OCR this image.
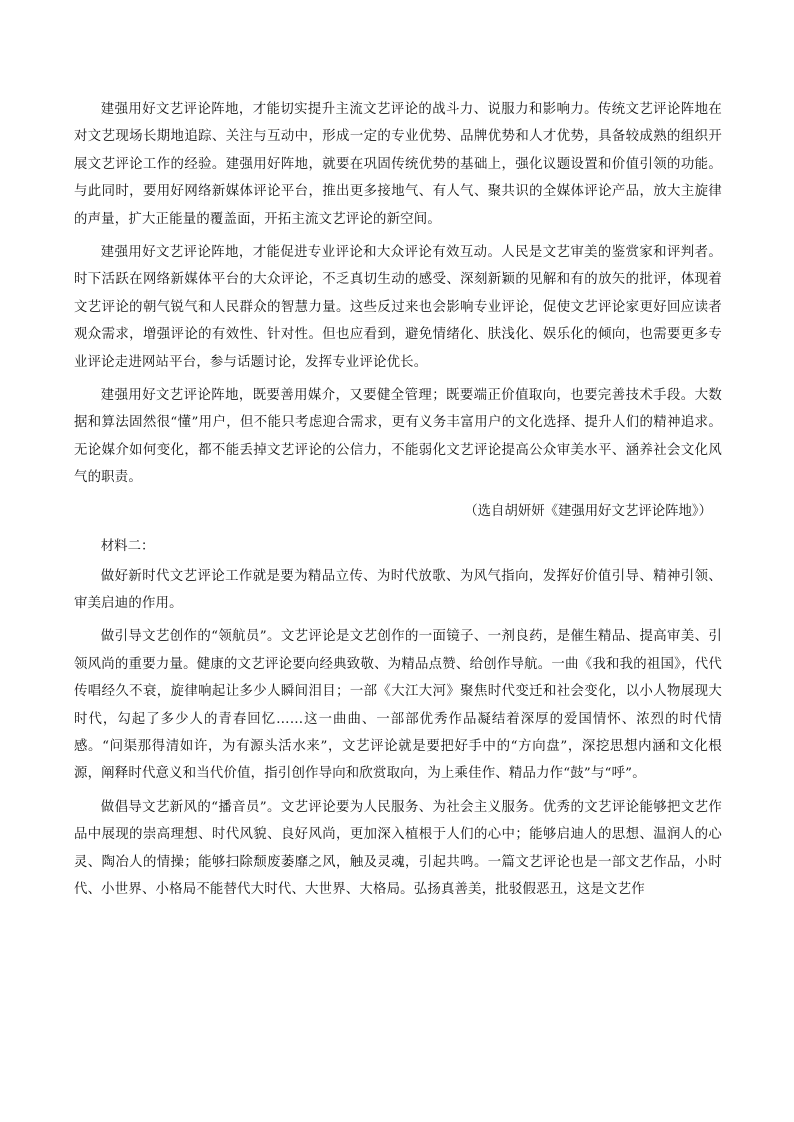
建强用好文艺评论阵地，才能切实提升主流文艺评论的战斗力、说服力和影响力。传统文艺评论阵地在对文艺现场长期地追踪、关注与互动中，形成一定的专业优势、品牌优势和人才优势，具备较成熟的组织开展文艺评论工作的经验。建强用好阵地，就要在巩固传统优势的基础上，强化议题设置和价值引领的功能。与此同时，要用好网络新媒体评论平台，推出更多接地气、有人气、聚共识的全媒体评论产品，放大主旋律的声量，扩大正能量的覆盖面，开拓主流文艺评论的新空间。

建强用好文艺评论阵地，才能促进专业评论和大众评论有效互动。人民是文艺审美的鉴赏家和评判者。时下活跃在网络新媒体平台的大众评论，不乏真切生动的感受、深刻新颖的见解和有的放矢的批评，体现着文艺评论的朝气锐气和人民群众的智慧力量。这些反过来也会影响专业评论，促使文艺评论家更好回应读者观众需求，增强评论的有效性、针对性。但也应看到，避免情绪化、肤浅化、娱乐化的倾向，也需要更多专业评论走进网站平台，参与话题讨论，发挥专业评论优长。

建强用好文艺评论阵地，既要善用媒介，又要健全管理；既要端正价值取向，也要完善技术手段。大数据和算法固然很“懂”用户，但不能只考虑迎合需求，更有义务丰富用户的文化选择、提升人们的精神追求。无论媒介如何变化，都不能丢掉文艺评论的公信力，不能弱化文艺评论提高公众审美水平、涵养社会文化风气的职责。

（选自胡妍妍《建强用好文艺评论阵地》）

材料二：

做好新时代文艺评论工作就是要为精品立传、为时代放歌、为风气指向，发挥好价值引导、精神引领、审美启迪的作用。

做引导文艺创作的“领航员”。文艺评论是文艺创作的一面镜子、一剂良药，是催生精品、提高审美、引领风尚的重要力量。健康的文艺评论要向经典致敬、为精品点赞、给创作导航。一曲《我和我的祖国》，代代传唱经久不衰，旋律响起让多少人瞬间泪目；一部《大江大河》聚焦时代变迁和社会变化，以小人物展现大时代，勾起了多少人的青春回忆……这一曲曲、一部部优秀作品凝结着深厚的爱国情怀、浓烈的时代情感。“问渠那得清如许，为有源头活水来”，文艺评论就是要把好手中的“方向盘”，深挖思想内涵和文化根源，阐释时代意义和当代价值，指引创作导向和欣赏取向，为上乘佳作、精品力作“鼓”与“呼”。

做倡导文艺新风的“播音员”。文艺评论要为人民服务、为社会主义服务。优秀的文艺评论能够把文艺作品中展现的崇高理想、时代风貌、良好风尚，更加深入植根于人们的心中；能够启迪人的思想、温润人的心灵、陶冶人的情操；能够扫除颓废萎靡之风，触及灵魂，引起共鸣。一篇文艺评论也是一部文艺作品，小时代、小世界、小格局不能替代大时代、大世界、大格局。弘扬真善美，批驳假恶丑，这是文艺作
